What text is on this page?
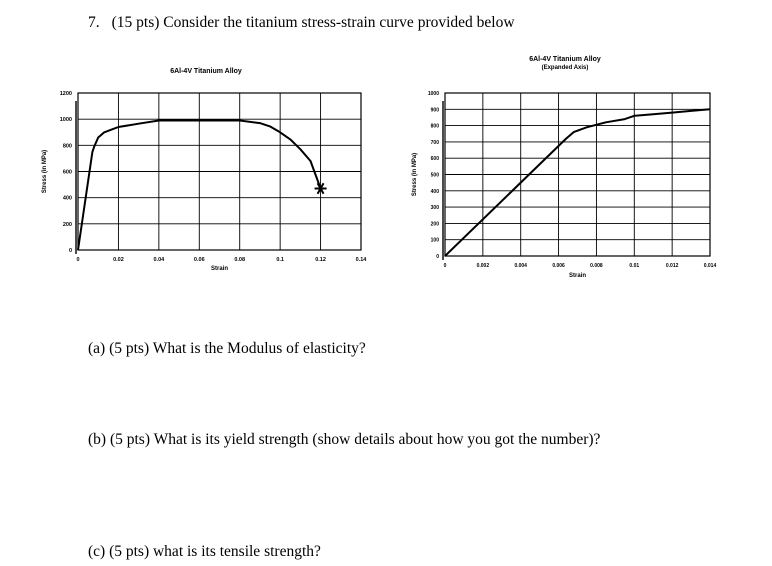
7. (15 pts) Consider the titanium stress-strain curve provided below
0
200
400
600
800
1000
1200
0	0.02	0.04	0.06	0.08	0.1	0.12	0.14
6Al-4V Titanium Alloy
Strain
Stress (in MPa)
0
100
200
300
400
500
600
700
800
900
1000
0	0.002	0.004	0.006	0.008	0.01	0.012	0.014
6Al-4V Titanium Alloy
(Expanded Axis)
Strain
Stress (in MPa)
(a) (5 pts) What is the Modulus of elasticity?
(b) (5 pts) What is its yield strength (show details about how you got the number)?
(c) (5 pts) what is its tensile strength?
